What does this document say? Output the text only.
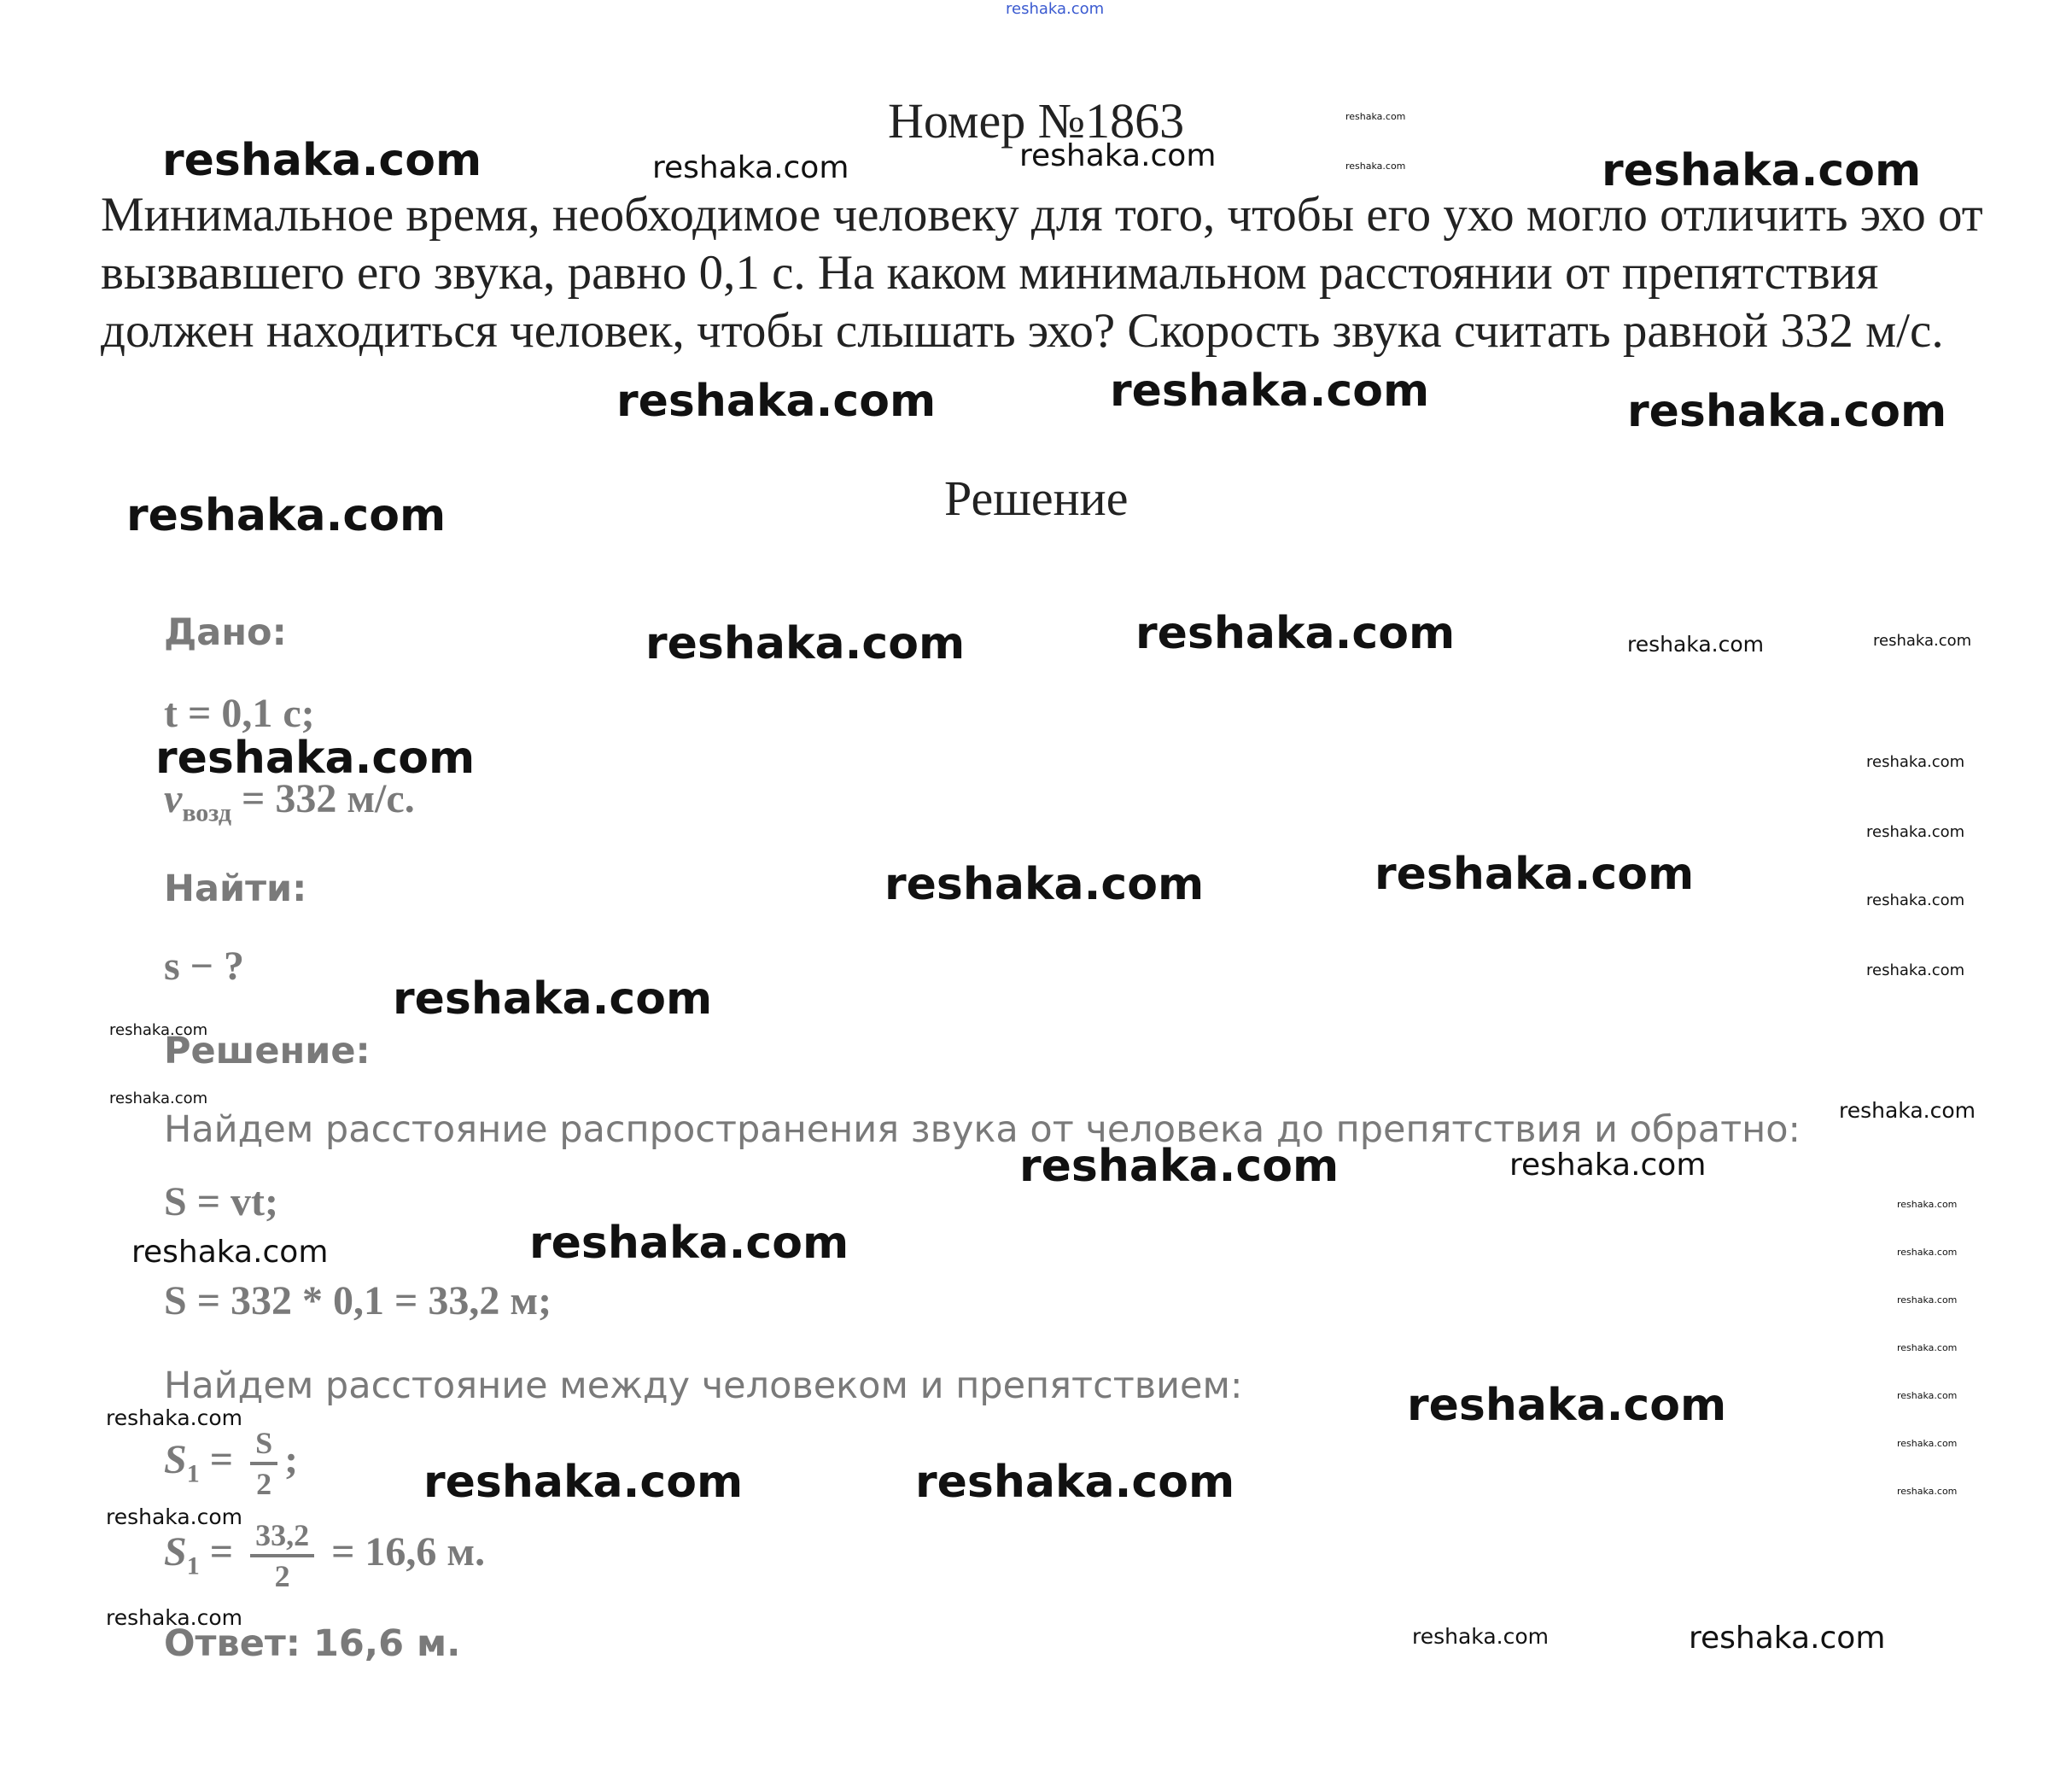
Номер №1863
Минимальное время, необходимое человеку для того, чтобы его ухо могло отличить эхо от вызвавшего его звука, равно 0,1 с. На каком минимальном расстоянии от препятствия должен находиться человек, чтобы слышать эхо? Скорость звука считать равной 332 м/с.
Решение
Дано:
t = 0,1 с;
$v_{возд} = 332$ м/с.
Найти:
s − ?
Решение:
Найдем расстояние распространения звука от человека до препятствия и обратно:
S = vt;
S = 332 * 0,1 = 33,2 м;
Найдем расстояние между человеком и препятствием:
$S_1 = \frac{S}{2}$ ;
$S_1 = \frac{33,2}{2} = 16,6$ м.
Ответ: 16,6 м.
reshaka.com
reshaka.com	reshaka.com	reshaka.com
reshaka.com
reshaka.com	reshaka.com
reshaka.com	reshaka.com	reshaka.com
reshaka.com
reshaka.com	reshaka.com	reshaka.com	reshaka.com
reshaka.com	reshaka.com
reshaka.com
reshaka.com
reshaka.com
reshaka.com	reshaka.com
reshaka.com
reshaka.com
reshaka.com	reshaka.com
reshaka.com	reshaka.com
reshaka.com
reshaka.com	reshaka.com	reshaka.com
reshaka.com
reshaka.com
reshaka.com
reshaka.com
reshaka.com
reshaka.com
reshaka.com
reshaka.com	reshaka.com
reshaka.com
reshaka.com
reshaka.com	reshaka.com
